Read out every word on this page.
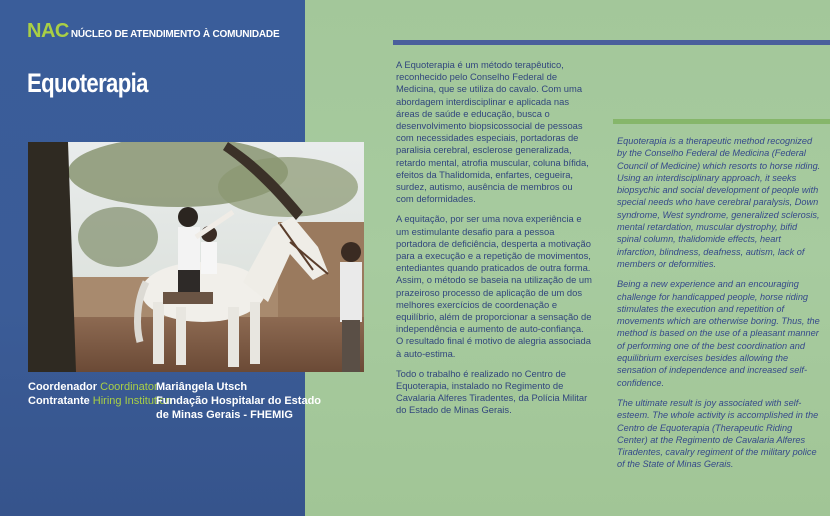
NAC NÚCLEO DE ATENDIMENTO À COMUNIDADE
Equoterapia
Coordenador CoordinatorMariângela Utsch
Contratante Hiring InstitutionFundação Hospitalar do Estado
de Minas Gerais - FHEMIG

A Equoterapia é um método terapêutico, reconhecido pelo Conselho Federal de Medicina, que se utiliza do cavalo. Com uma abordagem interdisciplinar e aplicada nas áreas de saúde e educação, busca o desenvolvimento biopsicossocial de pessoas com necessidades especiais, portadoras de paralisia cerebral, esclerose generalizada, retardo mental, atrofia muscular, coluna bífida, efeitos da Thalidomida, enfartes, cegueira, surdez, autismo, ausência de membros ou com deformidades.

A equitação, por ser uma nova experiência e um estimulante desafio para a pessoa portadora de deficiência, desperta a motivação para a execução e a repetição de movimentos, entediantes quando praticados de outra forma. Assim, o método se baseia na utilização de um prazeiroso processo de aplicação de um dos melhores exercícios de coordenação e equilíbrio, além de proporcionar a sensação de independência e aumento de auto-confiança. O resultado final é motivo de alegria associada à auto-estima.

Todo o trabalho é realizado no Centro de Equoterapia, instalado no Regimento de Cavalaria Alferes Tiradentes, da Polícia Militar do Estado de Minas Gerais.

Equoterapia is a therapeutic method recognized by the Conselho Federal de Medicina (Federal Council of Medicine) which resorts to horse riding. Using an interdisciplinary approach, it seeks biopsychic and social development of people with special needs who have cerebral paralysis, Down syndrome, West syndrome, generalized sclerosis, mental retardation, muscular dystrophy, bifid spinal column, thalidomide effects, heart infarction, blindness, deafness, autism, lack of members or deformities.

Being a new experience and an encouraging challenge for handicapped people, horse riding stimulates the execution and repetition of movements which are otherwise boring. Thus, the method is based on the use of a pleasant manner of performing one of the best coordination and equilibrium exercises besides allowing the sensation of independence and increased self-confidence.

The ultimate result is joy associated with self-esteem. The whole activity is accomplished in the Centro de Equoterapia (Therapeutic Riding Center) at the Regimento de Cavalaria Alferes Tiradentes, cavalry regiment of the military police of the State of Minas Gerais.
